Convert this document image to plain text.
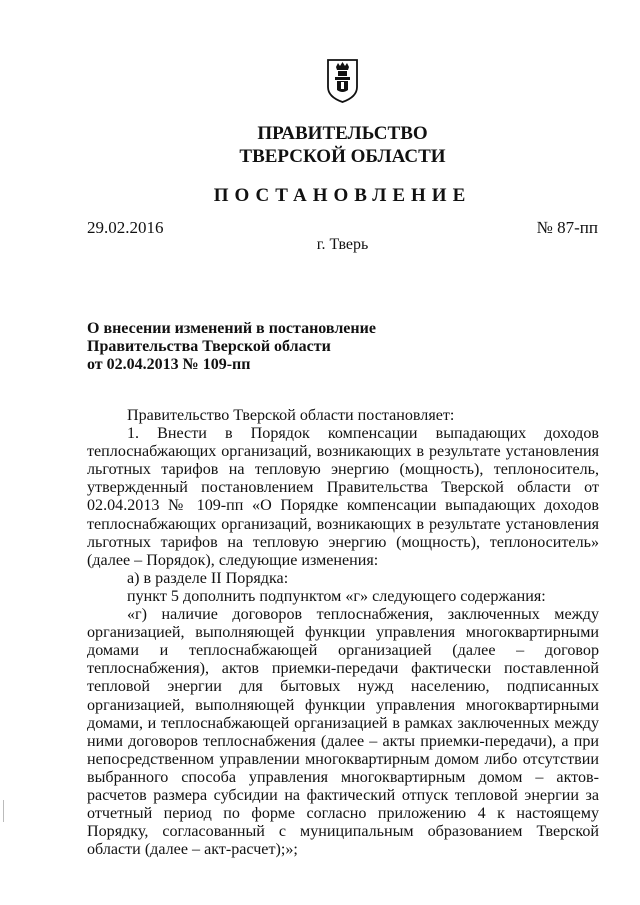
ПРАВИТЕЛЬСТВО
ТВЕРСКОЙ ОБЛАСТИ
ПОСТАНОВЛЕНИЕ
29.02.2016	№ 87-пп
г. Тверь
О внесении изменений в постановление
Правительства Тверской области
от 02.04.2013 № 109-пп

Правительство Тверской области постановляет:

1. Внести в Порядок компенсации выпадающих доходов теплоснабжающих организаций, возникающих в результате установления льготных тарифов на тепловую энергию (мощность), теплоноситель, утвержденный постановлением Правительства Тверской области от 02.04.2013 № 109-пп «О Порядке компенсации выпадающих доходов теплоснабжающих организаций, возникающих в результате установления льготных тарифов на тепловую энергию (мощность), теплоноситель» (далее – Порядок), следующие изменения:

а) в разделе II Порядка:

пункт 5 дополнить подпунктом «г» следующего содержания:

«г) наличие договоров теплоснабжения, заключенных между организацией, выполняющей функции управления многоквартирными домами и теплоснабжающей организацией (далее – договор теплоснабжения), актов приемки-передачи фактически поставленной тепловой энергии для бытовых нужд населению, подписанных организацией, выполняющей функции управления многоквартирными домами, и теплоснабжающей организацией в рамках заключенных между ними договоров теплоснабжения (далее – акты приемки-передачи), а при непосредственном управлении многоквартирным домом либо отсутствии выбранного способа управления многоквартирным домом – актов-расчетов размера субсидии на фактический отпуск тепловой энергии за отчетный период по форме согласно приложению 4 к настоящему Порядку, согласованный с муниципальным образованием Тверской области (далее – акт-расчет);»;
